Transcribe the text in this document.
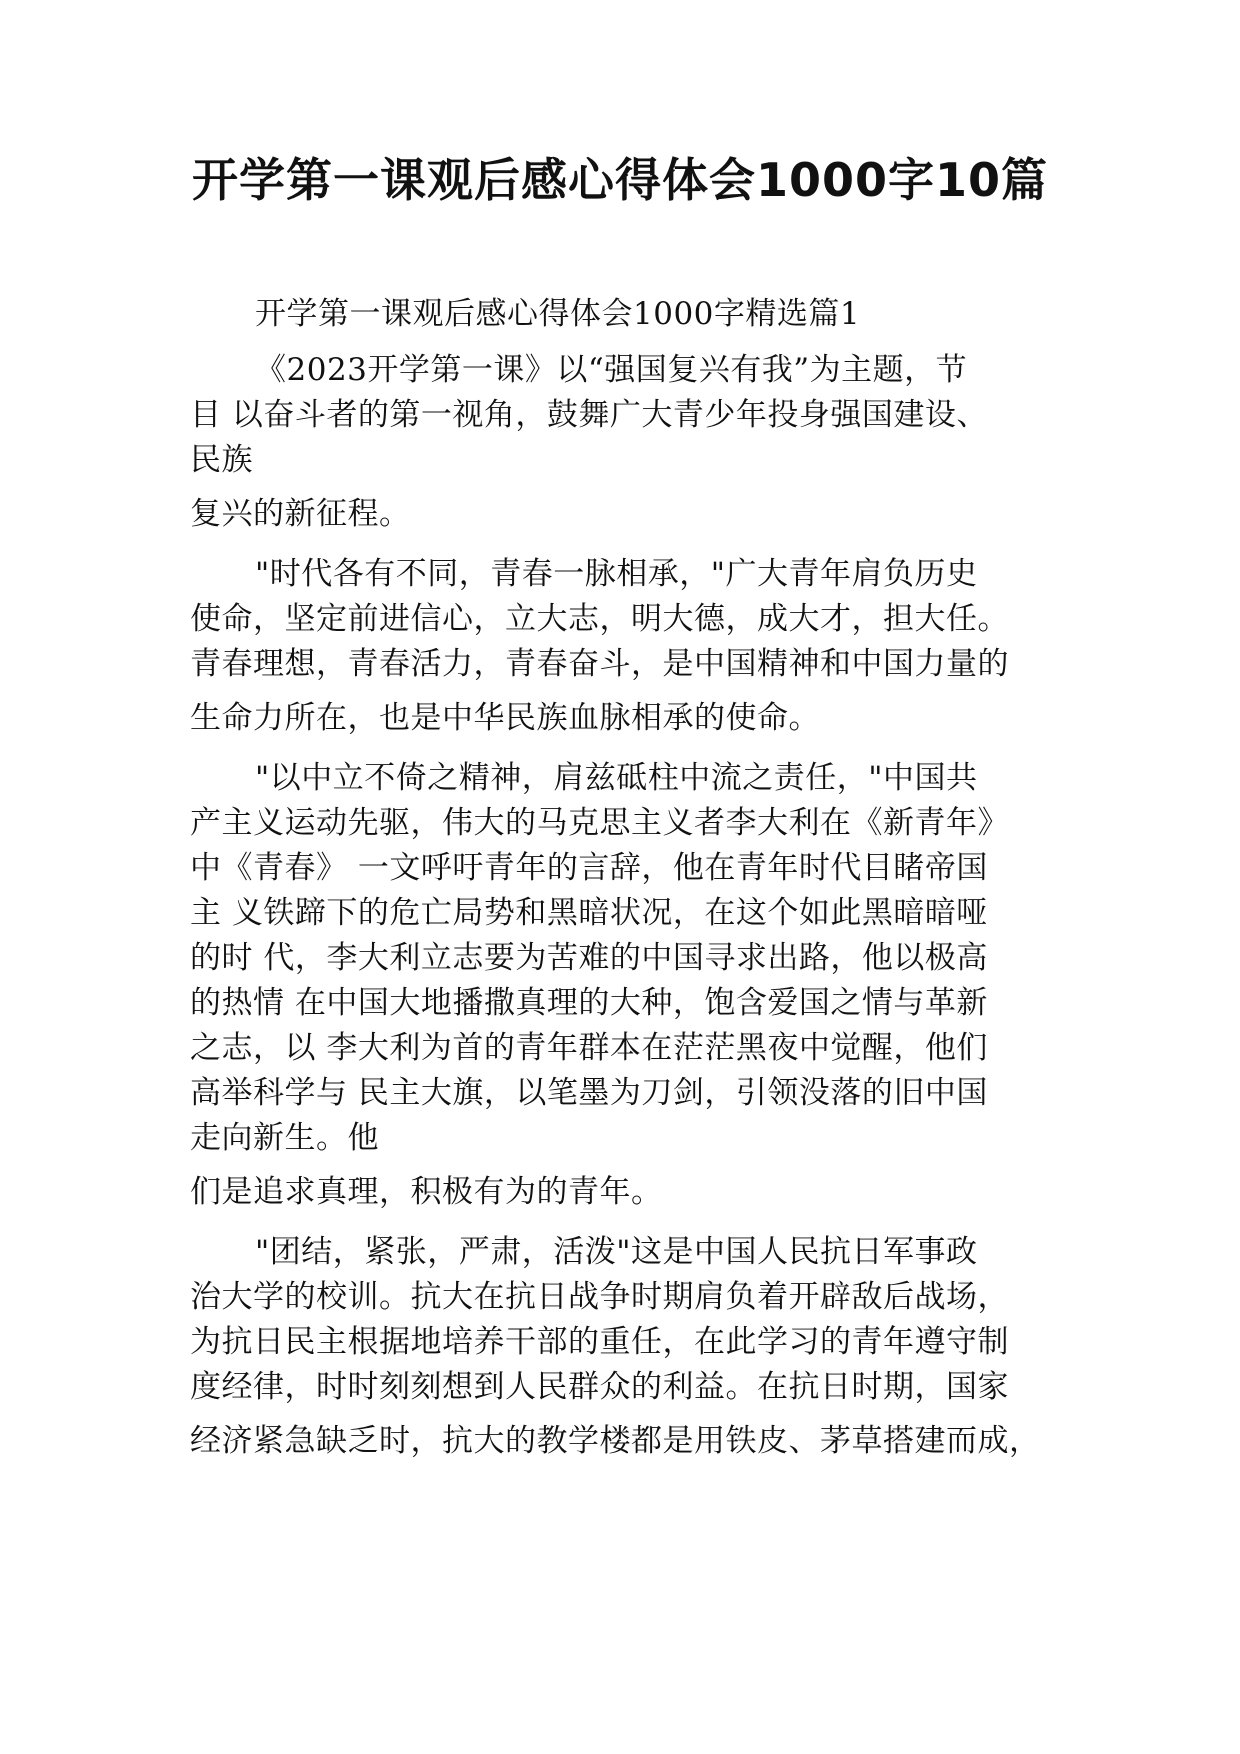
开学第一课观后感心得体会1000字10篇
开学第一课观后感心得体会1000字精选篇1
《2023开学第一课》以“强国复兴有我”为主题，节
目 以奋斗者的第一视角，鼓舞广大青少年投身强国建设、
民族
复兴的新征程。
"时代各有不同，青春一脉相承，"广大青年肩负历史
使命，坚定前进信心，立大志，明大德，成大才，担大任。
青春理想，青春活力，青春奋斗，是中国精神和中国力量的
生命力所在，也是中华民族血脉相承的使命。
"以中立不倚之精神，肩兹砥柱中流之责任，"中国共
产主义运动先驱，伟大的马克思主义者李大利在《新青年》
中《青春》 一文呼吁青年的言辞，他在青年时代目睹帝国
主 义铁蹄下的危亡局势和黑暗状况，在这个如此黑暗暗哑
的时 代，李大利立志要为苦难的中国寻求出路，他以极高
的热情 在中国大地播撒真理的大种，饱含爱国之情与革新
之志，以 李大利为首的青年群本在茫茫黑夜中觉醒，他们
高举科学与 民主大旗，以笔墨为刀剑，引领没落的旧中国
走向新生。他
们是追求真理，积极有为的青年。
"团结，紧张，严肃，活泼"这是中国人民抗日军事政
治大学的校训。抗大在抗日战争时期肩负着开辟敌后战场，
为抗日民主根据地培养干部的重任，在此学习的青年遵守制
度经律，时时刻刻想到人民群众的利益。在抗日时期，国家
经济紧急缺乏时，抗大的教学楼都是用铁皮、茅草搭建而成，
